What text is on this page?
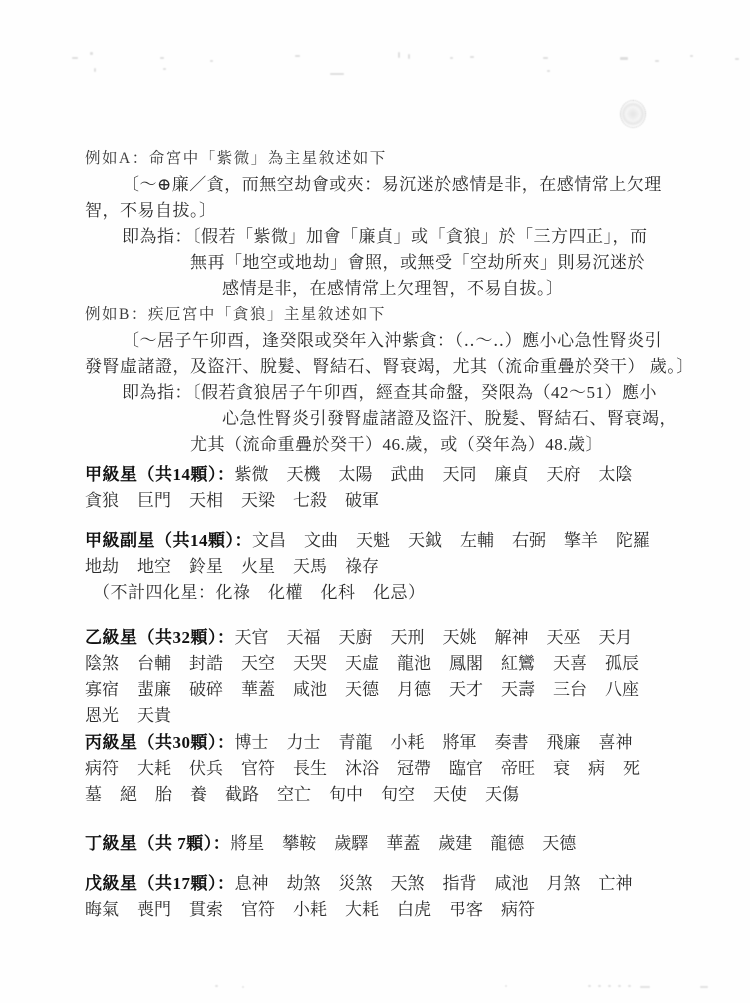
例如A：命宮中「紫微」為主星敘述如下

〔～⊕廉／貪，而無空劫會或夾：易沉迷於感情是非，在感情常上欠理

智，不易自拔。〕

即為指：〔假若「紫微」加會「廉貞」或「貪狼」於「三方四正」，而

無再「地空或地劫」會照，或無受「空劫所夾」則易沉迷於

感情是非，在感情常上欠理智，不易自拔。〕

例如B：疾厄宮中「貪狼」主星敘述如下

〔～居子午卯酉，逢癸限或癸年入沖紫貪：（‥～‥）應小心急性腎炎引

發腎虛諸證，及盜汗、脫髮、腎結石、腎衰竭，尤其（流命重疊於癸干） 歲。〕

即為指：〔假若貪狼居子午卯酉，經查其命盤，癸限為（42～51）應小

心急性腎炎引發腎虛諸證及盜汗、脫髮、腎結石、腎衰竭，

尤其（流命重疊於癸干）46.歲，或（癸年為）48.歲〕

甲級星（共14顆）：紫微 天機 太陽 武曲 天同 廉貞 天府 太陰貪狼 巨門 天相 天梁 七殺 破軍

甲級副星（共14顆）：文昌 文曲 天魁 天鉞 左輔 右弼 擎羊 陀羅地劫 地空 鈴星 火星 天馬 祿存

（不計四化星：化祿　化權　化科　化忌）

乙級星（共32顆）：天官 天福 天廚 天刑 天姚 解神 天巫 天月陰煞 台輔 封誥 天空 天哭 天虛 龍池 鳳閣 紅鸞 天喜 孤辰寡宿 蜚廉 破碎 華蓋 咸池 天德 月德 天才 天壽 三台 八座恩光 天貴

丙級星（共30顆）：博士 力士 青龍 小耗 將軍 奏書 飛廉 喜神病符 大耗 伏兵 官符 長生 沐浴 冠帶 臨官 帝旺 衰 病 死墓 絕 胎 養 截路 空亡 旬中 旬空 天使 天傷

丁級星（共 7顆）：將星 攀鞍 歲驛 華蓋 歲建 龍德 天德

戊級星（共17顆）：息神 劫煞 災煞 天煞 指背 咸池 月煞 亡神晦氣 喪門 貫索 官符 小耗 大耗 白虎 弔客 病符
